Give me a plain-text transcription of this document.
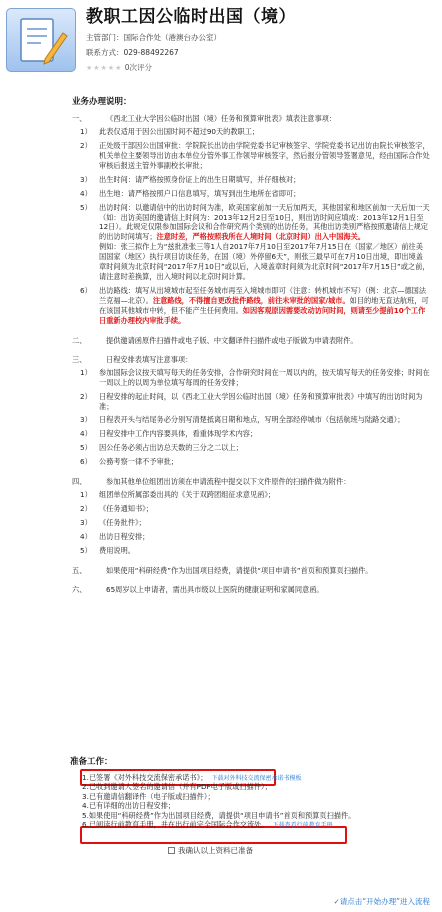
教职工因公临时出国（境）
主管部门：国际合作处（港澳台办公室）
联系方式：029-88492267
★★★★★ 0次评分
业务办理说明：
一、	《西北工业大学因公临时出国（境）任务和预算审批表》填表注意事项：
1） 此表仅适用于因公出国时间不超过90天的教职工；
2） 正处级干部因公出国审批：学院院长出访由学院党委书记审核签字、学院党委书记出访由院长审核签字，机关单位主要领导出访由本单位分管外事工作领导审核签字，然后报分管领导签署意见，经由国际合作处审核后报送主管外事副校长审批；
3） 出生时间：请严格按照身份证上的出生日期填写，并仔细核对；
4） 出生地：请严格按照户口信息填写，填写到出生地所在省即可；
5） 出访时间：以邀请信中的出访时间为准，欧美国家前加一天后加两天，其他国家和地区前加一天后加一天（如：出访美国的邀请信上时间为：2013年12月2日至10日，则出访时间应填成：2013年12月1日至12日）。此规定仅限参加国际会议和合作研究两个类别的出访任务，其他出访类别严格按照邀请信上规定的出访时间填写；注意时差，严格按照我所在人境时间（北京时间）出入中国海关。
例如：张三拟作上为“兹批准张三等1人自2017年7月10日至2017年7月15日在（国家／地区）前往美国国家（地区）执行项目访谈任务，在国（境）外停留6天”，则张三最早可在7月10日出境，即出境盖章时间须为北京时间“2017年7月10日”或以后，入境盖章时间须为北京时间“2017年7月15日”或之前，请注意时差换算，出入境时间以北京时间计算。
6） 出访路线：填写从出境城市起至任务城市再至入境城市即可（注意：转机城市不写）（例：北京—德国法兰克福—北京）。注意路线，不得擅自更改批件路线，前往未审批的国家/城市。如目的地无直达航班，可在该国其他城市中转，但不能产生任何费用。如因客观原因需要改动访问时间，则请至少提前10个工作日重新办理校内审批手续。
二、	提供邀请函原件扫描件或电子版、中文翻译件扫描件或电子版做为申请表附件。
三、	日程安排表填写注意事项：
1） 参加国际会议按天填写每天的任务安排，合作研究时间在一周以内的，按天填写每天的任务安排；时间在一周以上的以周为单位填写每周的任务安排；
2） 日程安排的起止时间，以《西北工业大学因公临时出国（境）任务和预算审批表》中填写的出访时间为准；
3） 日程表开头与结尾务必分别写清楚抵离日期和地点，写明全部经停城市（包括航班与陆路交通）；
4） 日程安排中工作内容要具体，看重体现学术内容；
5） 因公任务必须占出访总天数的三分之二以上；
6） 公務考察一律不予审批；
四、	参加其他单位组团出访须在申请流程中提交以下文件原件的扫描件做为附件：
1） 组团单位所属部委出具的《关于双跨团组征求意见函》；
2） 《任务通知书》；
3） 《任务批件》；
4） 出访日程安排；
5） 费用说明。
五、	如果使用“科研经费”作为出国项目经费，请提供“项目申请书”首页和预算页扫描件。
六、	65周岁以上申请者，需出具市级以上医院的健康证明和家属同意函。
准备工作：
1.已签署《对外科技交流保密承诺书》； 下载对外科技交流保密承诺书模板
2.已收到邀请人签名的邀请信（并有PDF电子版或扫描件）；
3.已有邀请信翻译件（电子版或扫描件）；
4.已有详细的出访日程安排；
5.如果使用“科研经费”作为出国项目经费，请提供“项目申请书”首页和预算页扫描件。
6.已阅读行前教育手册，并在出行前完全国际合作交流处。 下载查看行前教育手册
我确认以上资料已准备
✓请点击“开始办理”进入流程
